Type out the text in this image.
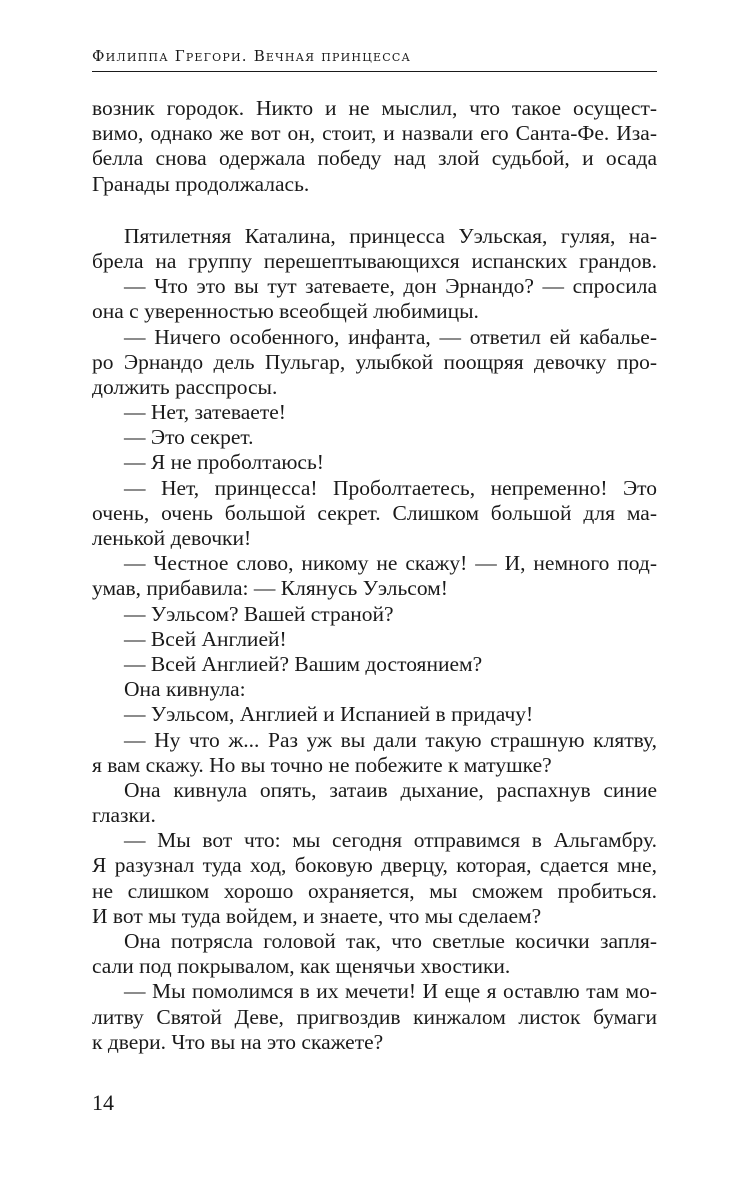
Филиппа Грегори. Вечная принцесса
возник городок. Никто и не мыслил, что такое осущест-
вимо, однако же вот он, стоит, и назвали его Санта-Фе. Иза-
белла снова одержала победу над злой судьбой, и осада
Гранады продолжалась.
Пятилетняя Каталина, принцесса Уэльская, гуляя, на-
брела на группу перешептывающихся испанских грандов.
— Что это вы тут затеваете, дон Эрнандо? — спросила
она с уверенностью всеобщей любимицы.
— Ничего особенного, инфанта, — ответил ей кабалье-
ро Эрнандо дель Пульгар, улыбкой поощряя девочку про-
должить расспросы.
— Нет, затеваете!
— Это секрет.
— Я не проболтаюсь!
— Нет, принцесса! Проболтаетесь, непременно! Это
очень, очень большой секрет. Слишком большой для ма-
ленькой девочки!
— Честное слово, никому не скажу! — И, немного под-
умав, прибавила: — Клянусь Уэльсом!
— Уэльсом? Вашей страной?
— Всей Англией!
— Всей Англией? Вашим достоянием?
Она кивнула:
— Уэльсом, Англией и Испанией в придачу!
— Ну что ж... Раз уж вы дали такую страшную клятву,
я вам скажу. Но вы точно не побежите к матушке?
Она кивнула опять, затаив дыхание, распахнув синие
глазки.
— Мы вот что: мы сегодня отправимся в Альгамбру.
Я разузнал туда ход, боковую дверцу, которая, сдается мне,
не слишком хорошо охраняется, мы сможем пробиться.
И вот мы туда войдем, и знаете, что мы сделаем?
Она потрясла головой так, что светлые косички запля-
сали под покрывалом, как щенячьи хвостики.
— Мы помолимся в их мечети! И еще я оставлю там мо-
литву Святой Деве, пригвоздив кинжалом листок бумаги
к двери. Что вы на это скажете?
14
